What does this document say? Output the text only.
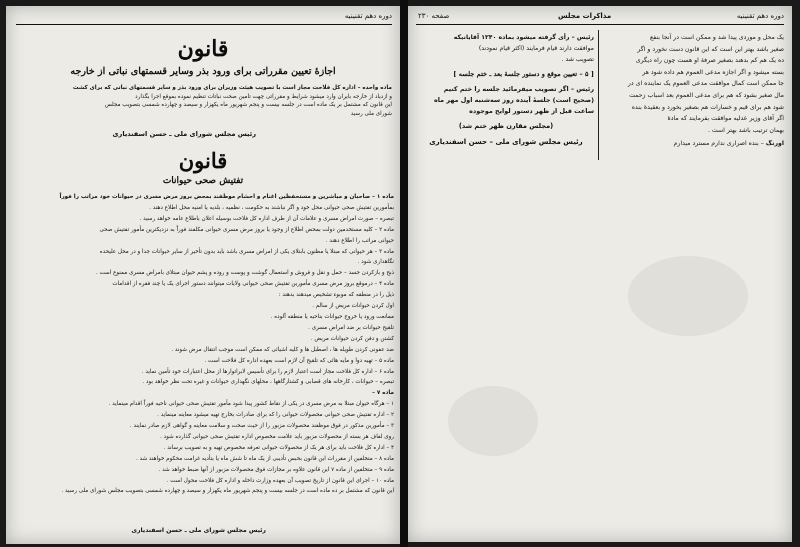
دوره دهم تقنینیه
قانون
اجازهٔ تعیین مقرراتی برای ورود بذر وسایر قسمتهای نباتی از خارجه
ماده واحده – اداره کل فلاحت مجاز است با تصویب هیئت وزیران برای ورود بذر و سایر قسمتهای نباتی که برای کشت
و ازدیاد از خارجه بایران وارد میشود شرایط و مقرراتی چهت تأمین صحت نباتات تنظیم نموده بموقع اجرا بگذارد
این قانون که مشتمل بر یک ماده است در جلسه بیست و پنجم شهریور ماه یکهزار و سیصد و چهارده شمسی بتصویب مجلس
شورای ملی رسید
رئیس مجلس شورای ملی ـ حسن اسفندیاری
قانون
تفتیش صحی حیوانات
ماده ۱ – صاحبان و مباشرین و مستحفظین اغنام و احشام موظفند بمحض بروز مرض مسری در حیوانات خود مراتب را فوراً
بمأمورین تفتیش صحی حیوانی محل خود و اگر نباشند به حکومت ، نظمیه ، بلدیه یا امنیه محل اطلاع دهند .
تبصره – صورت امراض مسری و علامات آن از طرف اداره کل فلاحت بوسیله اعلان باطلاع عامه خواهد رسید .
ماده ۲ – کلیه مستخدمین دولت بمحض اطلاع از وجود یا بروز مرض مسری حیوانی مکلفند فوراً به نزدیکترین مأمور تفتیش صحی
حیوانی مراتب را اطلاع دهند .
ماده ۳ – هر حیوانی که مبتلا یا مظنون بابتلای یکی از امراض مسری باشد باید بدون تأخیر از سایر حیوانات جدا و در محل علیحده
نگاهداری شود .
ذبح و بازکردن جسد – حمل و نقل و فروش و استعمال گوشت و پوست و روده و پشم حیوان مبتلای بامراض مسری ممنوع است .
ماده ۴ – درموقع بروز مرض مسری مأمورین تفتیش صحی حیوانی ولایات میتوانند دستور اجرای یک یا چند فقره از اقدامات
ذیل را در منطقه که موبوء تشخیص میدهند بدهند :
اول کردن حیوانات مریض از سالم .
ممانعت ورود یا خروج حیوانات بناحیه یا منطقه آلوده .
تلقیح حیوانات بر ضد امراض مسری .
کشتن و دفن کردن حیوانات مریض .
ضد عفونی کردن طویله ها ، اصطبل ها و کلیه اشیائی که ممکن است موجب انتقال مرض شوند .
ماده ۵ – تهیه دوا و مایه هائی که تلقیح آن لازم است بعهده اداره کل فلاحت است .
ماده ۶ – اداره کل فلاحت مجاز است اعتبار لازم را برای تأسیس لابراتوارها از محل اعتبارات خود تأمین نماید .
تبصره – حیوانات ، کارخانه های قصابی و کشتارگاهها ، محلهای نگهداری حیوانات و غیره تحت نظر خواهد بود .
ماده ۷ –
۱ – هرگاه حیوان مبتلا به مرض مسری در یکی از نقاط کشور پیدا شود مأمور تفتیش صحی حیوانی ناحیه فوراً اقدام مینماید .
۲ – اداره تفتیش صحی حیوانی محصولات حیوانی را که برای صادرات بخارج تهیه میشود معاینه مینماید .
۳ – مأمورین مذکور در فوق موظفند محصولات مزبور را از حیث صحت و سلامت معاینه و گواهی لازم صادر نمایند .
روی لفاف هر بسته از محصولات مزبور باید علامت مخصوص اداره تفتیش صحی حیوانی گذارده شود .
۴ – اداره کل فلاحت باید برای هر یک از محصولات حیوانی تعرفه مخصوص تهیه و به تصویب برساند .
ماده ۸ – متخلفین از مقررات این قانون بحبس تأدیبی از یک ماه تا شش ماه یا بتأدیه غرامت محکوم خواهند شد .
ماده ۹ – متخلفین از ماده ۷ این قانون علاوه بر مجازات فوق محصولات مزبور از آنها ضبط خواهد شد .
ماده ۱۰ – اجرای این قانون از تاریخ تصویب آن بعهده وزارت داخله و اداره کل فلاحت محول است .
این قانون که مشتمل بر ده ماده است در جلسه بیست و پنجم شهریور ماه یکهزار و سیصد و چهارده شمسی بتصویب مجلس شورای ملی رسید .
رئیس مجلس شورای ملی ـ حسن اسفندیاری
دوره دهم تقنینیه
مذاکرات مجلس
صفحه ۲۳۰
یک محل و موردی پیدا شد و ممکن است در آنجا بنفع
صغیر باشد بهتر این است که این قانون دست نخورد و اگر
ده یک هم کم بدهند بصغیر صرفهٔ او هست چون راه دیگری
بسته میشود و اگر اجازه مدعی العموم هم داده شود هر
جا ممکن است کمال موافقت مدعی العموم یک نماینده ای در
مال صغیر بشود که هم برای مدعی العموم بعد اسباب زحمت
شود هم برای قیم و خسارات هم بصغیر بخورد و بعقیدهٔ بنده
اگر آقای وزیر عدلیه موافقت بفرمایند که مادهٔ
بهمان ترتیب باشد بهتر است .
اورنگ – بنده اصراری ندارم مسترد میدارم
رئیس – رأی گرفته میشود بماده ۱۲۴۰ آقایانیکه
موافقت دارند قیام فرمایند (اکثر قیام نمودند)
تصویب شد .
[ ۵ – تعیین موقع و دستور جلسهٔ بعد ـ ختم جلسه ]
رئیس – اگر تصویب میفرمائید جلسه را ختم کنیم
(صحیح است) جلسهٔ آینده روز سه‌شنبه اول مهر ماه
ساعت قبل از ظهر دستور لوایح موجوده
(مجلس مقارن ظهر ختم شد)
رئیس مجلس شورای ملی – حسن اسفندیاری
